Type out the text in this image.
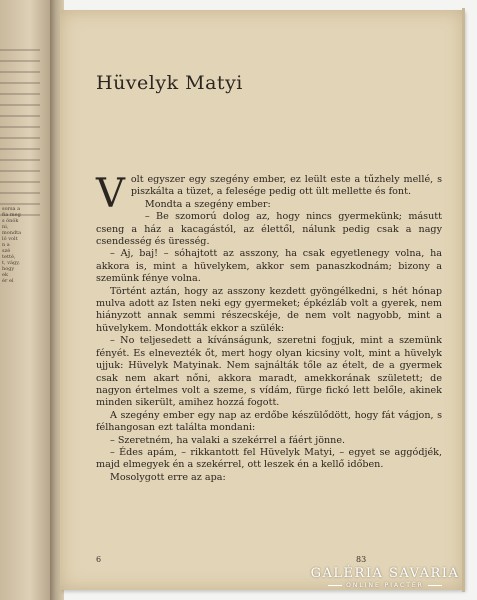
sorsa a
fia meg
s önök
ni,
mondta
ló volt
n a
szé
tetté,
t, vágy,
hogy
ek
ér el
Hüvelyk Matyi

Volt egyszer egy szegény ember, ez leült este a tűzhely mellé, s piszkálta a tüzet, a felesége pedig ott ült mellette és font.

Mondta a szegény ember:

– Be szomorú dolog az, hogy nincs gyermekünk; másutt cseng a ház a kacagástól, az élettől, nálunk pedig csak a nagy csendesség és üresség.

– Aj, baj! – sóhajtott az asszony, ha csak egyetlenegy volna, ha akkora is, mint a hüvelykem, akkor sem panaszkodnám; bizony a szemünk fénye volna.

Történt aztán, hogy az asszony kezdett gyöngélkedni, s hét hónap mulva adott az Isten neki egy gyermeket; épkézláb volt a gyerek, nem hiányzott annak semmi részecskéje, de nem volt nagyobb, mint a hüvelykem. Mondották ekkor a szülék:

– No teljesedett a kívánságunk, szeretni fogjuk, mint a szemünk fényét. Es elnevezték őt, mert hogy olyan kicsiny volt, mint a hüvelyk ujjuk: Hüvelyk Matyinak. Nem sajnálták tőle az ételt, de a gyermek csak nem akart nőni, akkora maradt, amekkorának született; de nagyon értelmes volt a szeme, s vídám, fürge fickó lett belőle, akinek minden sikerült, amihez hozzá fogott.

A szegény ember egy nap az erdőbe készülődött, hogy fát vágjon, s félhangosan ezt találta mondani:

– Szeretném, ha valaki a szekérrel a fáért jönne.

– Édes apám, – rikkantott fel Hüvelyk Matyi, – egyet se aggódjék, majd elmegyek én a szekérrel, ott leszek én a kellő időben.

Mosolygott erre az apa:

6	83
GALÉRIA SAVARIA
ONLINE PIACTÉR
